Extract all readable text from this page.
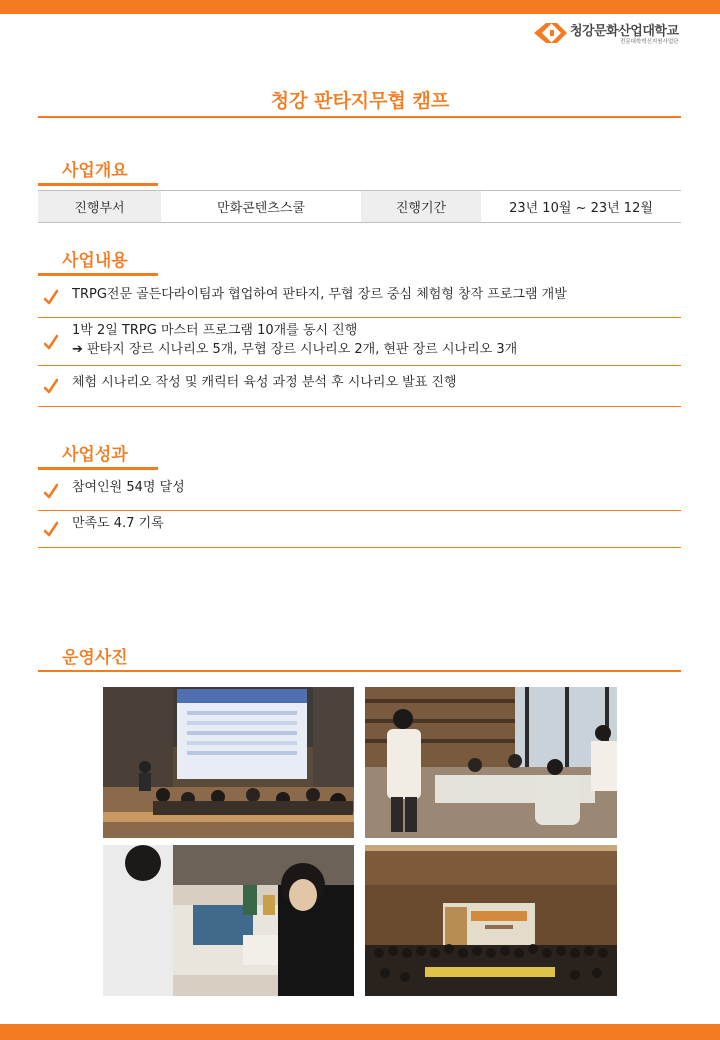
청강문화산업대학교
전문대학혁신지원사업단
청강 판타지무협 캠프
사업개요
진행부서	만화콘텐츠스쿨	진행기간	23년 10월 ~ 23년 12월
사업내용
TRPG전문 골든다라이팀과 협업하여 판타지, 무협 장르 중심 체험형 창작 프로그램 개발
1박 2일 TRPG 마스터 프로그램 10개를 동시 진행
➔ 판타지 장르 시나리오 5개, 무협 장르 시나리오 2개, 현판 장르 시나리오 3개
체험 시나리오 작성 및 캐릭터 육성 과정 분석 후 시나리오 발표 진행
사업성과
참여인원 54명 달성
만족도 4.7 기록
운영사진
